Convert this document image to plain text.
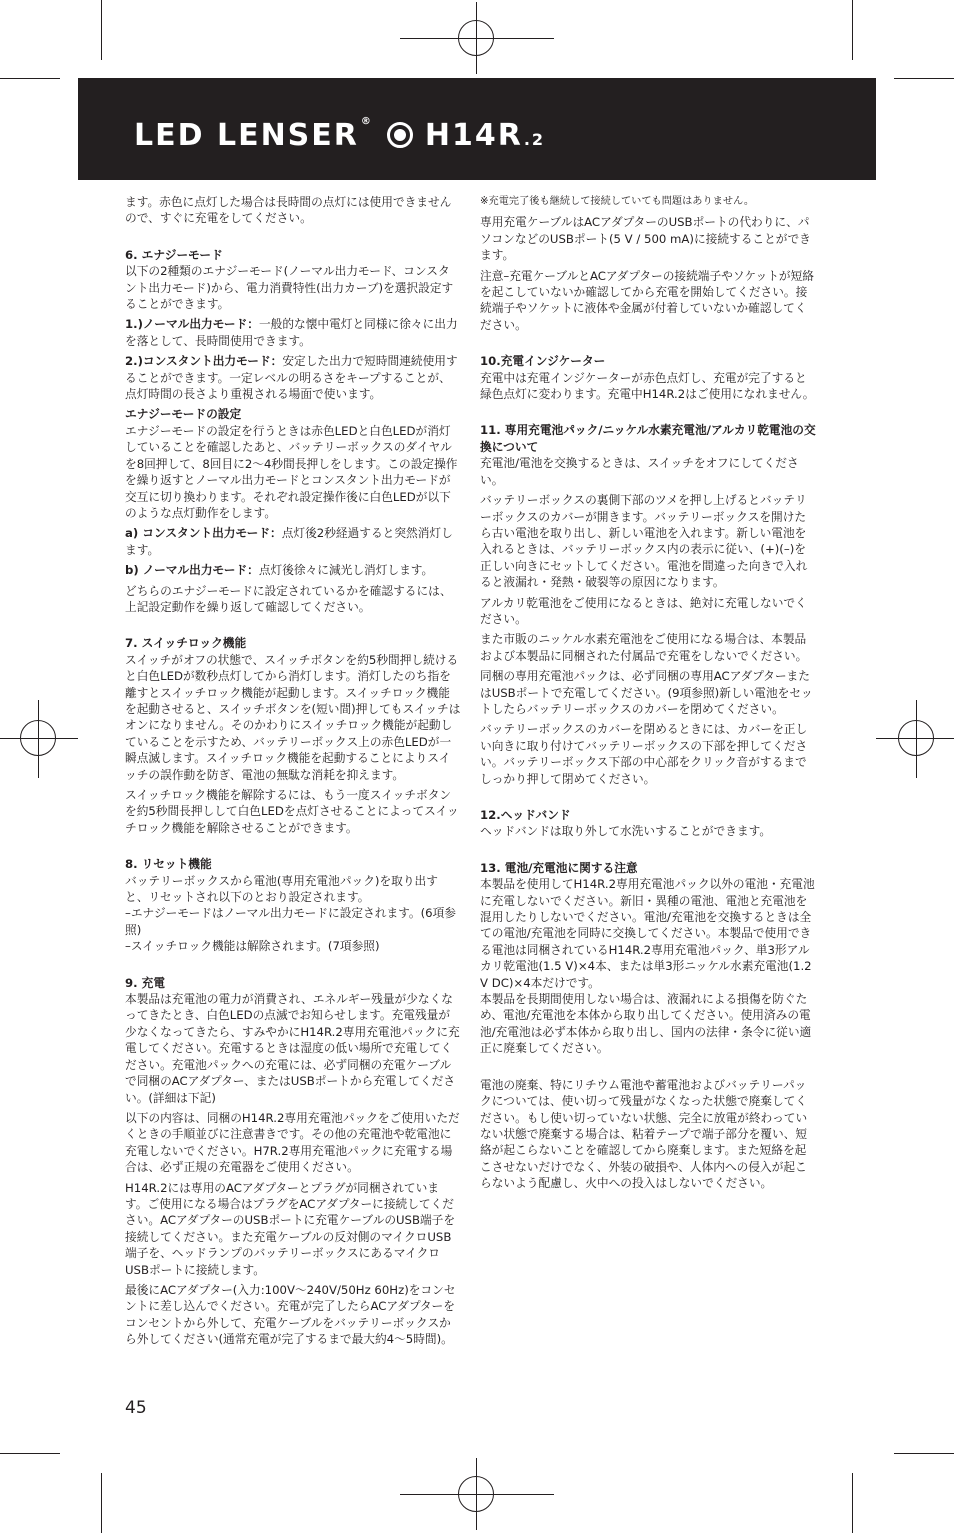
LED LENSER ® H14R.2

ます。赤色に点灯した場合は長時間の点灯には使用できませんので、すぐに充電をしてください。

6. エナジーモード

以下の2種類のエナジーモード(ノーマル出力モード、コンスタント出力モード)から、電力消費特性(出力カーブ)を選択設定することができます。

1.)ノーマル出力モード：一般的な懐中電灯と同様に徐々に出力を落として、長時間使用できます。

2.)コンスタント出力モード：安定した出力で短時間連続使用することができます。一定レベルの明るさをキープすることが、点灯時間の長さより重視される場面で使います。

エナジーモードの設定

エナジーモードの設定を行うときは赤色LEDと白色LEDが消灯していることを確認したあと、バッテリーボックスのダイヤルを8回押して、8回目に2～4秒間長押しをします。この設定操作を繰り返すとノーマル出力モードとコンスタント出力モードが交互に切り換わります。それぞれ設定操作後に白色LEDが以下のような点灯動作をします。

a) コンスタント出力モード：点灯後2秒経過すると突然消灯します。

b) ノーマル出力モード：点灯後徐々に減光し消灯します。

どちらのエナジーモードに設定されているかを確認するには、上記設定動作を繰り返して確認してください。

7. スイッチロック機能

スイッチがオフの状態で、スイッチボタンを約5秒間押し続けると白色LEDが数秒点灯してから消灯します。消灯したのち指を離すとスイッチロック機能が起動します。スイッチロック機能を起動させると、スイッチボタンを(短い間)押してもスイッチはオンになりません。そのかわりにスイッチロック機能が起動していることを示すため、バッテリーボックス上の赤色LEDが一瞬点滅します。スイッチロック機能を起動することによりスイッチの誤作動を防ぎ、電池の無駄な消耗を抑えます。

スイッチロック機能を解除するには、もう一度スイッチボタンを約5秒間長押しして白色LEDを点灯させることによってスイッチロック機能を解除させることができます。

8. リセット機能

バッテリーボックスから電池(専用充電池パック)を取り出すと、リセットされ以下のとおり設定されます。
–エナジーモードはノーマル出力モードに設定されます。(6項参照)
–スイッチロック機能は解除されます。(7項参照)

9. 充電

本製品は充電池の電力が消費され、エネルギー残量が少なくなってきたとき、白色LEDの点滅でお知らせします。充電残量が少なくなってきたら、すみやかにH14R.2専用充電池パックに充電してください。充電するときは湿度の低い場所で充電してください。充電池パックへの充電には、必ず同梱の充電ケーブルで同梱のACアダプター、またはUSBポートから充電してください。(詳細は下記)

以下の内容は、同梱のH14R.2専用充電池パックをご使用いただくときの手順並びに注意書きです。その他の充電池や乾電池に充電しないでください。H7R.2専用充電池パックに充電する場合は、必ず正規の充電器をご使用ください。

H14R.2には専用のACアダプターとプラグが同梱されています。ご使用になる場合はプラグをACアダプターに接続してください。ACアダプターのUSBポートに充電ケーブルのUSB端子を接続してください。また充電ケーブルの反対側のマイクロUSB端子を、ヘッドランプのバッテリーボックスにあるマイクロUSBポートに接続します。

最後にACアダプター(入力:100V～240V/50Hz 60Hz)をコンセントに差し込んでください。充電が完了したらACアダプターをコンセントから外して、充電ケーブルをバッテリーボックスから外してください(通常充電が完了するまで最大約4～5時間)。

※充電完了後も継続して接続していても問題はありません。

専用充電ケーブルはACアダプターのUSBポートの代わりに、パソコンなどのUSBポート(5 V / 500 mA)に接続することができます。

注意–充電ケーブルとACアダプターの接続端子やソケットが短絡を起こしていないか確認してから充電を開始してください。接続端子やソケットに液体や金属が付着していないか確認してください。

10.充電インジケーター

充電中は充電インジケーターが赤色点灯し、充電が完了すると緑色点灯に変わります。充電中H14R.2はご使用になれません。

11. 専用充電池パック/ニッケル水素充電池/アルカリ乾電池の交換について

充電池/電池を交換するときは、スイッチをオフにしてください。

バッテリーボックスの裏側下部のツメを押し上げるとバッテリーボックスのカバーが開きます。バッテリーボックスを開けたら古い電池を取り出し、新しい電池を入れます。新しい電池を入れるときは、バッテリーボックス内の表示に従い、(+)(–)を正しい向きにセットしてください。電池を間違った向きで入れると液漏れ・発熱・破裂等の原因になります。

アルカリ乾電池をご使用になるときは、絶対に充電しないでください。

また市販のニッケル水素充電池をご使用になる場合は、本製品および本製品に同梱された付属品で充電をしないでください。

同梱の専用充電池パックは、必ず同梱の専用ACアダプターまたはUSBポートで充電してください。(9項参照)新しい電池をセットしたらバッテリーボックスのカバーを閉めてください。

バッテリーボックスのカバーを閉めるときには、カバーを正しい向きに取り付けてバッテリーボックスの下部を押してください。バッテリーボックス下部の中心部をクリック音がするまでしっかり押して閉めてください。

12.ヘッドバンド

ヘッドバンドは取り外して水洗いすることができます。

13. 電池/充電池に関する注意

本製品を使用してH14R.2専用充電池パック以外の電池・充電池に充電しないでください。新旧・異種の電池、電池と充電池を混用したりしないでください。電池/充電池を交換するときは全ての電池/充電池を同時に交換してください。本製品で使用できる電池は同梱されているH14R.2専用充電池パック、単3形アルカリ乾電池(1.5 V)×4本、または単3形ニッケル水素充電池(1.2 V DC)×4本だけです。
本製品を長期間使用しない場合は、液漏れによる損傷を防ぐため、電池/充電池を本体から取り出してください。使用済みの電池/充電池は必ず本体から取り出し、国内の法律・条令に従い適正に廃棄してください。

電池の廃棄、特にリチウム電池や蓄電池およびバッテリーパックについては、使い切って残量がなくなった状態で廃棄してください。もし使い切っていない状態、完全に放電が終わっていない状態で廃棄する場合は、粘着テープで端子部分を覆い、短絡が起こらないことを確認してから廃棄します。また短絡を起こさせないだけでなく、外装の破損や、人体内への侵入が起こらないよう配慮し、火中への投入はしないでください。

45
